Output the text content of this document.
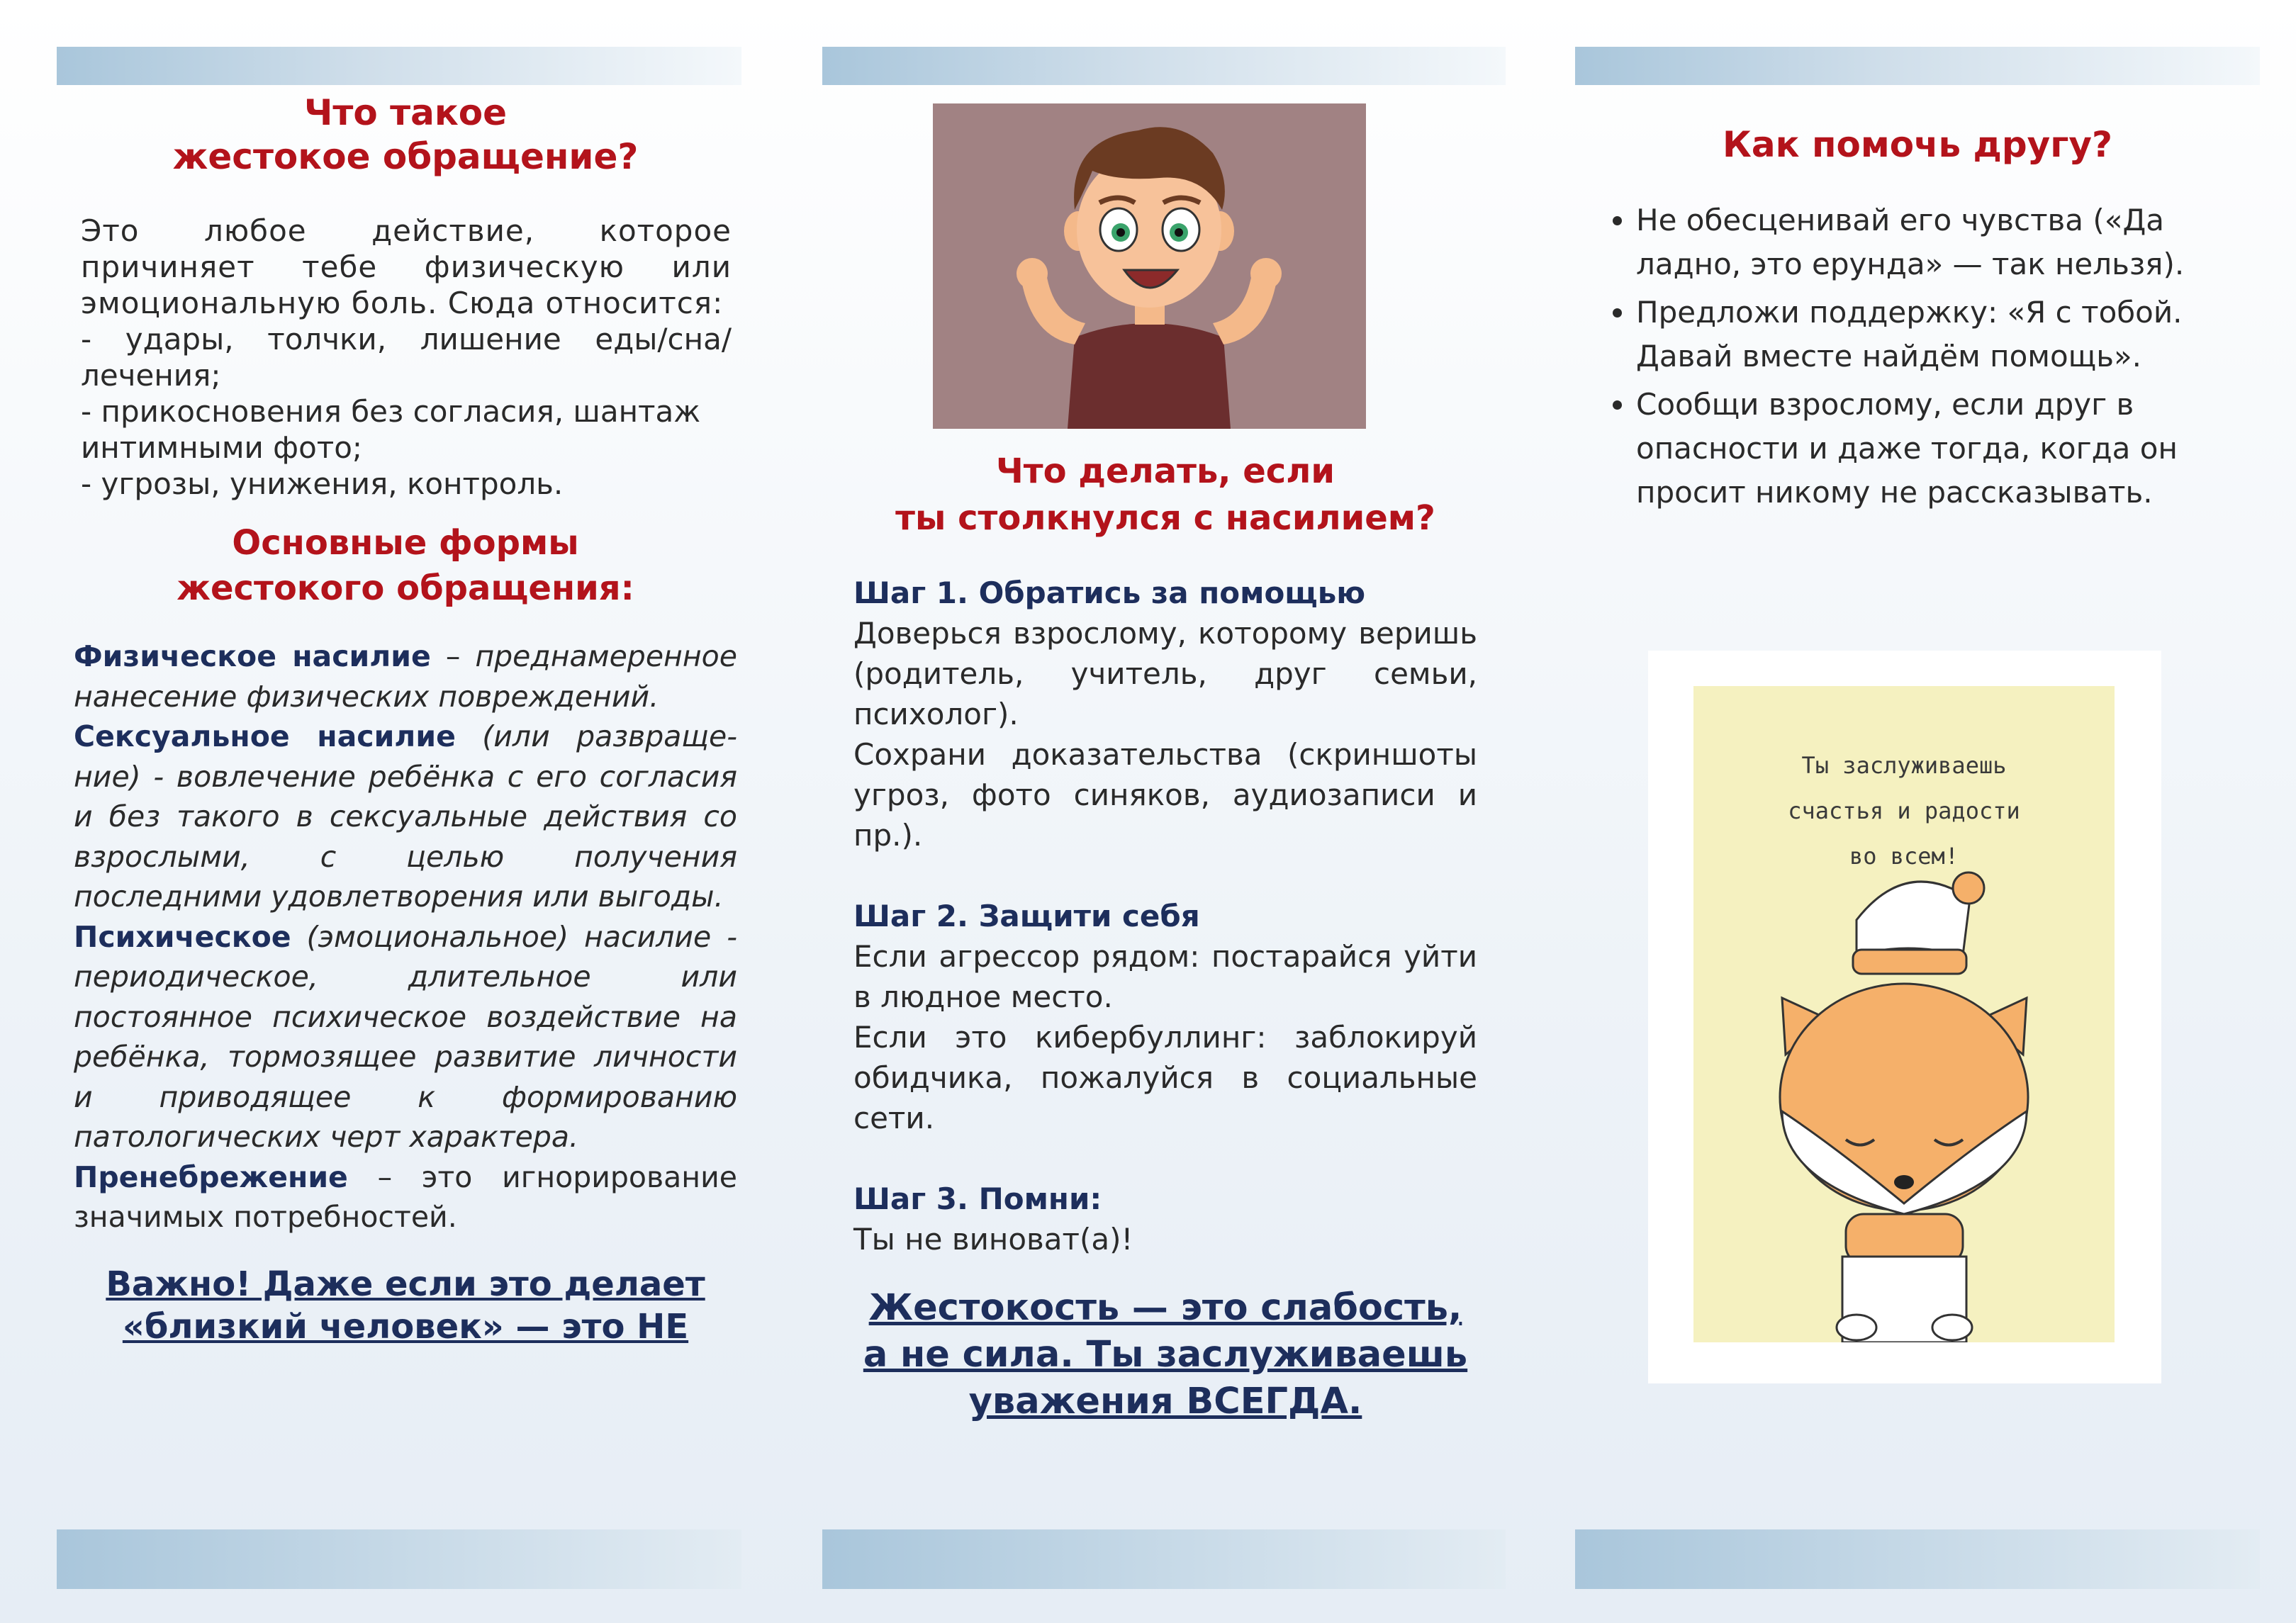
Что такое
жестокое обращение?
Это любое действие, которое причиняет тебе физическую или эмоциональную боль. Сюда относится:
- удары, толчки, лишение еды/сна/лечения;
- прикосновения без согласия, шантаж интимными фото;
- угрозы, унижения, контроль.
Основные формы
жестокого обращения:
Физическое насилие – преднамеренное нанесение физических повреждений.
Сексуальное насилие (или развраще-ние) - вовлечение ребёнка с его согласия и без такого в сексуальные действия со взрослыми, с целью получения последними удовлетворения или выгоды.
Психическое (эмоциональное) насилие - периодическое, длительное или постоянное психическое воздействие на ребёнка, тормозящее развитие личности и приводящее к формированию патологических черт характера.
Пренебрежение – это игнорирование значимых потребностей.

Важно! Даже если это делает
«близкий человек» — это НЕ

Что делать, если
ты столкнулся с насилием?
Шаг 1. Обратись за помощью
Доверься взрослому, которому веришь (родитель, учитель, друг семьи, психолог).
Сохрани доказательства (скриншоты угроз, фото синяков, аудиозаписи и пр.).
Шаг 2. Защити себя
Если агрессор рядом: постарайся уйти в людное место.
Если это кибербуллинг: заблокируй обидчика, пожалуйся в социальные сети.
Шаг 3. Помни:
Ты не виноват(а)!

Жестокость — это слабость,
а не сила. Ты заслуживаешь
уважения ВСЕГДА.

Как помочь другу?
• Не обесценивай его чувства («Да ладно, это ерунда» — так нельзя).
• Предложи поддержку: «Я с тобой. Давай вместе найдём помощь».
• Сообщи взрослому, если друг в опасности и даже тогда, когда он просит никому не рассказывать.
Ты заслуживаешь
счастья и радости
во всем!
